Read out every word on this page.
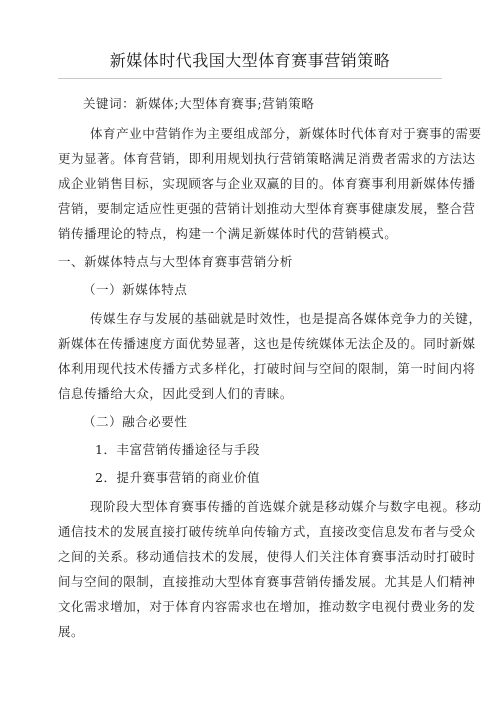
新媒体时代我国大型体育赛事营销策略
关键词：新媒体;大型体育赛事;营销策略
体育产业中营销作为主要组成部分，新媒体时代体育对于赛事的需要
更为显著。体育营销，即利用规划执行营销策略满足消费者需求的方法达
成企业销售目标，实现顾客与企业双赢的目的。体育赛事利用新媒体传播
营销，要制定适应性更强的营销计划推动大型体育赛事健康发展，整合营
销传播理论的特点，构建一个满足新媒体时代的营销模式。
一、新媒体特点与大型体育赛事营销分析
（一）新媒体特点
传媒生存与发展的基础就是时效性，也是提高各媒体竞争力的关键，
新媒体在传播速度方面优势显著，这也是传统媒体无法企及的。同时新媒
体利用现代技术传播方式多样化，打破时间与空间的限制，第一时间内将
信息传播给大众，因此受到人们的青睐。
（二）融合必要性
1．丰富营销传播途径与手段
2．提升赛事营销的商业价值
现阶段大型体育赛事传播的首选媒介就是移动媒介与数字电视。移动
通信技术的发展直接打破传统单向传输方式，直接改变信息发布者与受众
之间的关系。移动通信技术的发展，使得人们关注体育赛事活动时打破时
间与空间的限制，直接推动大型体育赛事营销传播发展。尤其是人们精神
文化需求增加，对于体育内容需求也在增加，推动数字电视付费业务的发
展。
